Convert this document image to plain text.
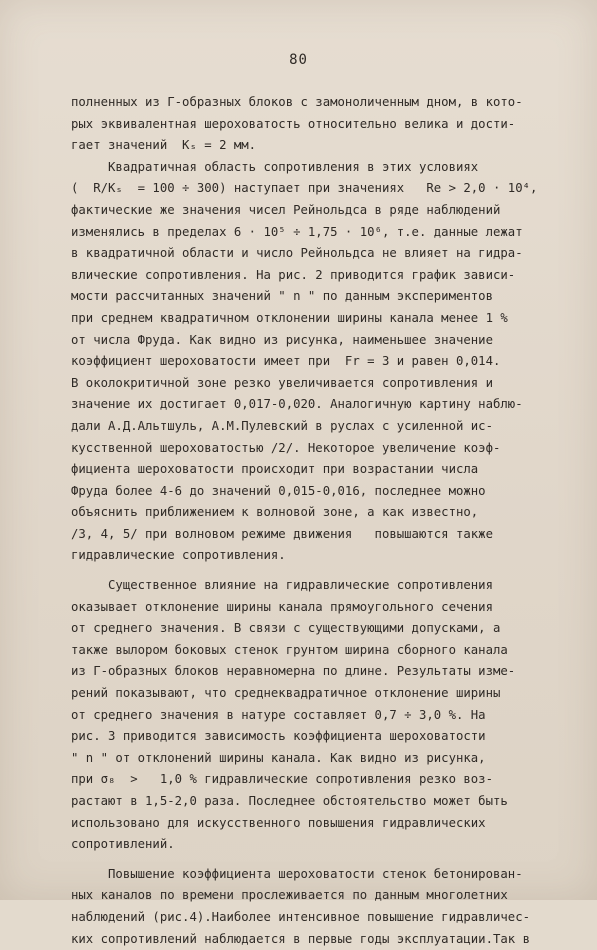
80
полненных из Г-образных блоков с замоноличенным дном, в кото-
рых эквивалентная шероховатость относительно велика и дости-
гает значений  Kₛ = 2 мм.
Квадратичная область сопротивления в этих условиях
(  R/Kₛ  = 100 ÷ 300) наступает при значениях   Re > 2,0 · 10⁴,
фактические же значения чисел Рейнольдса в ряде наблюдений
изменялись в пределах 6 · 10⁵ ÷ 1,75 · 10⁶, т.е. данные лежат
в квадратичной области и число Рейнольдса не влияет на гидра-
влические сопротивления. На рис. 2 приводится график зависи-
мости рассчитанных значений " n " по данным экспериментов
при среднем квадратичном отклонении ширины канала менее 1 %
от числа Фруда. Как видно из рисунка, наименьшее значение
коэффициент шероховатости имеет при  Fr = 3 и равен 0,014.
В околокритичной зоне резко увеличивается сопротивления и
значение их достигает 0,017-0,020. Аналогичную картину наблю-
дали А.Д.Альтшуль, А.М.Пулевский в руслах с усиленной ис-
кусственной шероховатостью /2/. Некоторое увеличение коэф-
фициента шероховатости происходит при возрастании числа
Фруда более 4-6 до значений 0,015-0,016, последнее можно
объяснить приближением к волновой зоне, а как известно,
/3, 4, 5/ при волновом режиме движения   повышаются также
гидравлические сопротивления.
Существенное влияние на гидравлические сопротивления
оказывает отклонение ширины канала прямоугольного сечения
от среднего значения. В связи с существующими допусками, а
также вылором боковых стенок грунтом ширина сборного канала
из Г-образных блоков неравномерна по длине. Результаты изме-
рений показывают, что среднеквадратичное отклонение ширины
от среднего значения в натуре составляет 0,7 ÷ 3,0 %. На
рис. 3 приводится зависимость коэффициента шероховатости
" n " от отклонений ширины канала. Как видно из рисунка,
при σ₈  >   1,0 % гидравлические сопротивления резко воз-
растают в 1,5-2,0 раза. Последнее обстоятельство может быть
использовано для искусственного повышения гидравлических
сопротивлений.
Повышение коэффициента шероховатости стенок бетонирован-
ных каналов по времени прослеживается по данным многолетних
наблюдений (рис.4).Наиболее интенсивное повышение гидравличес-
ких сопротивлений наблюдается в первые годы эксплуатации.Так в
